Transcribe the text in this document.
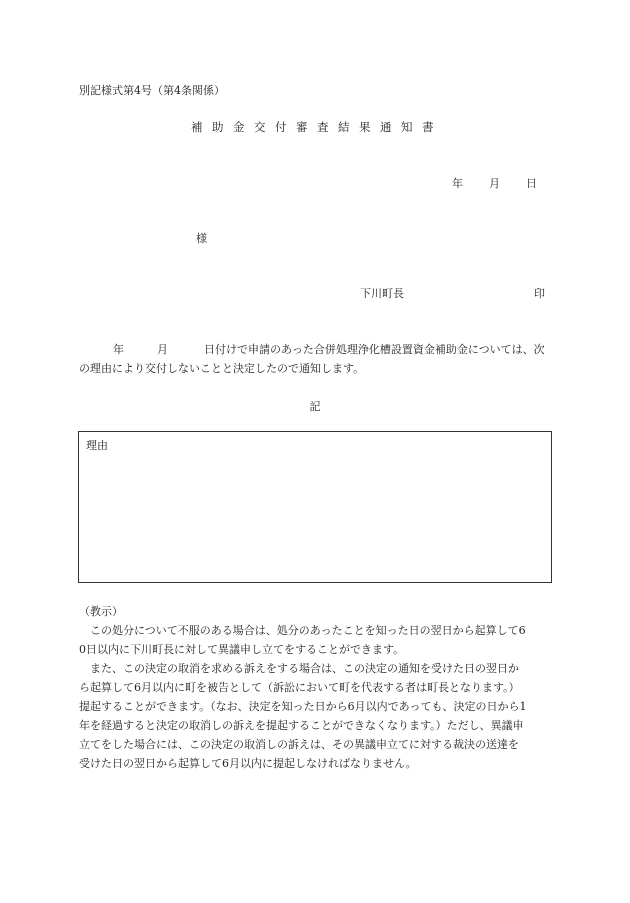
別記様式第4号（第4条関係）
補助金交付審査結果通知書
年 月 日
様
下川町長	印
年	月	日付けで申請のあった合併処理浄化槽設置資金補助金については、次
の理由により交付しないことと決定したので通知します。
記
理由
（教示）
　この処分について不服のある場合は、処分のあったことを知った日の翌日から起算して6
0日以内に下川町長に対して異議申し立てをすることができます。
　また、この決定の取消を求める訴えをする場合は、この決定の通知を受けた日の翌日か
ら起算して6月以内に町を被告として（訴訟において町を代表する者は町長となります。）
提起することができます。（なお、決定を知った日から6月以内であっても、決定の日から1
年を経過すると決定の取消しの訴えを提起することができなくなります。）ただし、異議申
立てをした場合には、この決定の取消しの訴えは、その異議申立てに対する裁決の送達を
受けた日の翌日から起算して6月以内に提起しなければなりません。
